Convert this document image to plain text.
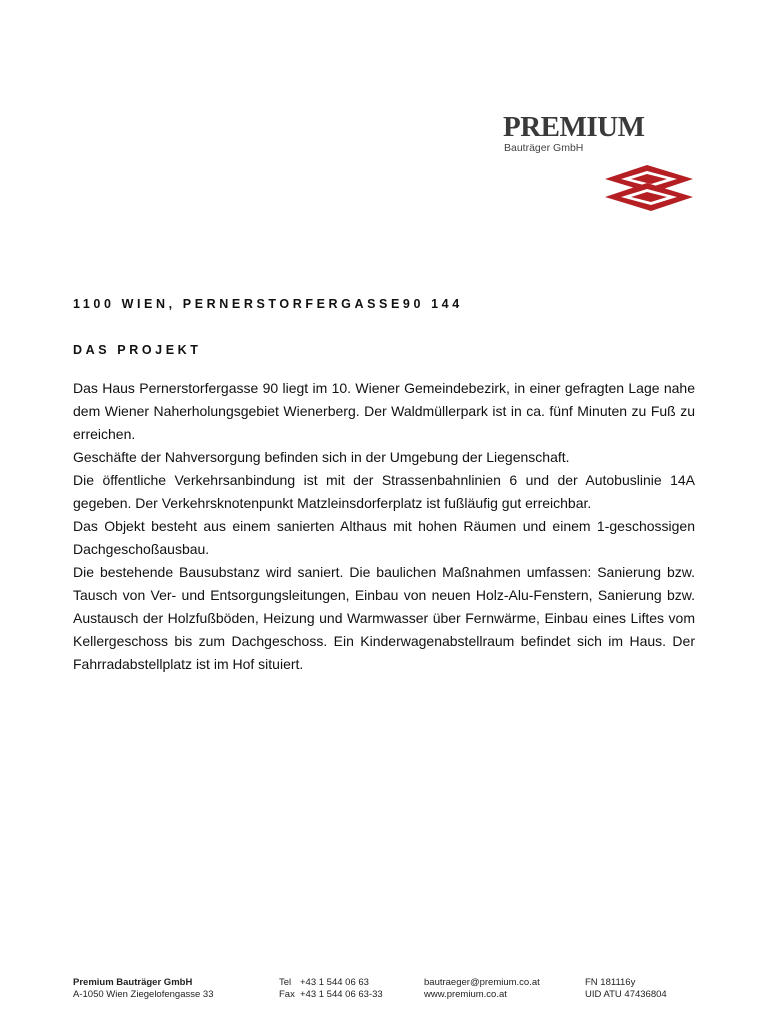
PREMIUM
Bauträger GmbH
1100 WIEN, PERNERSTORFERGASSE90 144
DAS PROJEKT

Das Haus Pernerstorfergasse 90 liegt im 10. Wiener Gemeindebezirk, in einer gefragten Lage nahe dem Wiener Naherholungsgebiet Wienerberg. Der Waldmüllerpark ist in ca. fünf Minuten zu Fuß zu erreichen.

Geschäfte der Nahversorgung befinden sich in der Umgebung der Liegenschaft.

Die öffentliche Verkehrsanbindung ist mit der Strassenbahnlinien 6 und der Autobuslinie 14A gegeben. Der Verkehrsknotenpunkt Matzleinsdorferplatz ist fußläufig gut erreichbar.

Das Objekt besteht aus einem sanierten Althaus mit hohen Räumen und einem 1-geschossigen Dachgeschoßausbau.

Die bestehende Bausubstanz wird saniert. Die baulichen Maßnahmen umfassen: Sanierung bzw. Tausch von Ver- und Entsorgungsleitungen, Einbau von neuen Holz-Alu-Fenstern, Sanierung bzw. Austausch der Holzfußböden, Heizung und Warmwasser über Fernwärme, Einbau eines Liftes vom Kellergeschoss bis zum Dachgeschoss. Ein Kinderwagenabstellraum befindet sich im Haus. Der Fahrradabstellplatz ist im Hof situiert.

Premium Bauträger GmbH
A-1050 Wien Ziegelofengasse 33
Tel +43 1 544 06 63
Fax +43 1 544 06 63-33
bautraeger@premium.co.at
www.premium.co.at
FN 181116y
UID ATU 47436804
